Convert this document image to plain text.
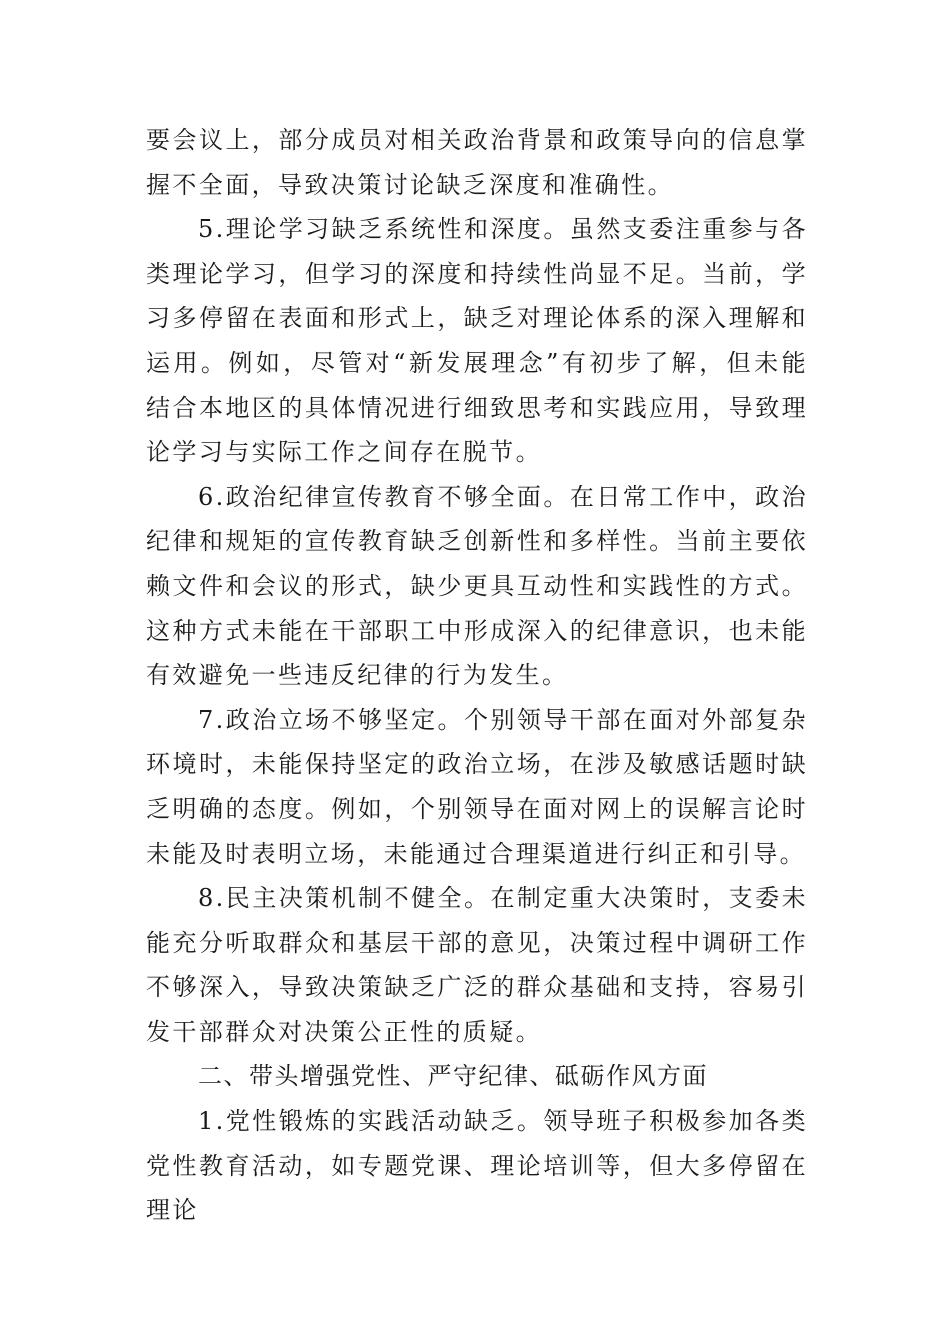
要会议上，部分成员对相关政治背景和政策导向的信息掌握不全面，导致决策讨论缺乏深度和准确性。

5.理论学习缺乏系统性和深度。虽然支委注重参与各类理论学习，但学习的深度和持续性尚显不足。当前，学习多停留在表面和形式上，缺乏对理论体系的深入理解和运用。例如，尽管对“新发展理念”有初步了解，但未能结合本地区的具体情况进行细致思考和实践应用，导致理论学习与实际工作之间存在脱节。

6.政治纪律宣传教育不够全面。在日常工作中，政治纪律和规矩的宣传教育缺乏创新性和多样性。当前主要依赖文件和会议的形式，缺少更具互动性和实践性的方式。这种方式未能在干部职工中形成深入的纪律意识，也未能有效避免一些违反纪律的行为发生。

7.政治立场不够坚定。个别领导干部在面对外部复杂环境时，未能保持坚定的政治立场，在涉及敏感话题时缺乏明确的态度。例如，个别领导在面对网上的误解言论时未能及时表明立场，未能通过合理渠道进行纠正和引导。

8.民主决策机制不健全。在制定重大决策时，支委未能充分听取群众和基层干部的意见，决策过程中调研工作不够深入，导致决策缺乏广泛的群众基础和支持，容易引发干部群众对决策公正性的质疑。

二、带头增强党性、严守纪律、砥砺作风方面

1.党性锻炼的实践活动缺乏。领导班子积极参加各类党性教育活动，如专题党课、理论培训等，但大多停留在理论
